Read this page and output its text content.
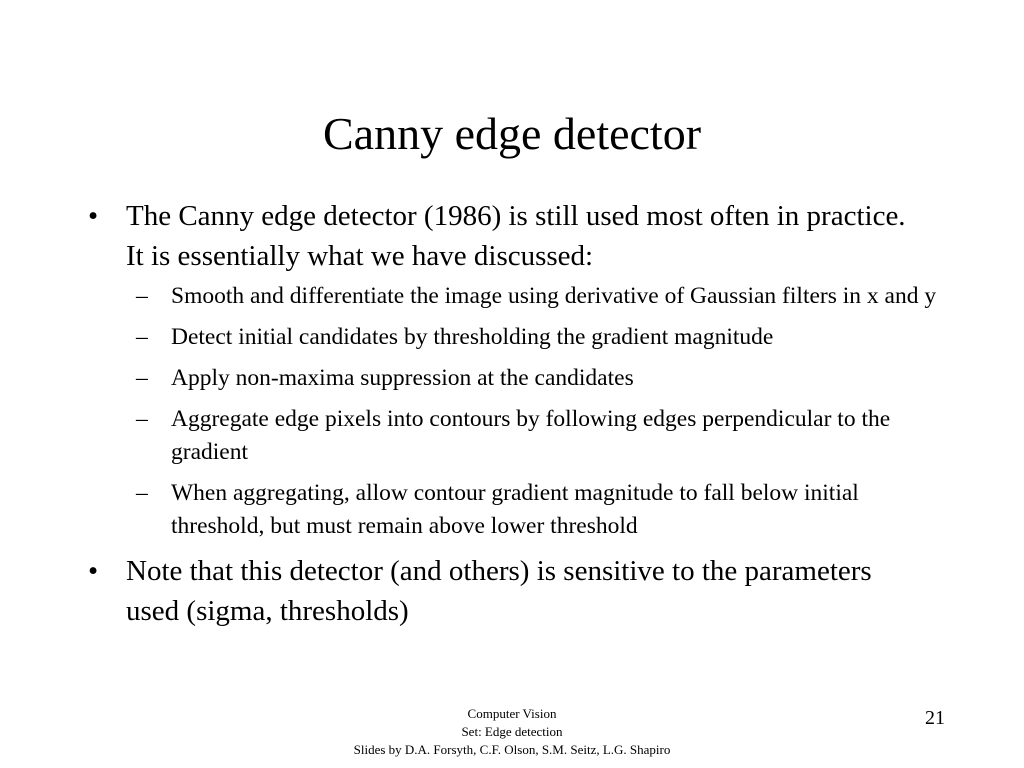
Canny edge detector
• The Canny edge detector (1986) is still used most often in practice. It is essentially what we have discussed:
– Smooth and differentiate the image using derivative of Gaussian filters in x and y
– Detect initial candidates by thresholding the gradient magnitude
– Apply non-maxima suppression at the candidates
– Aggregate edge pixels into contours by following edges perpendicular to the gradient
– When aggregating, allow contour gradient magnitude to fall below initial threshold, but must remain above lower threshold
• Note that this detector (and others) is sensitive to the parameters used (sigma, thresholds)
Computer Vision
Set: Edge detection
Slides by D.A. Forsyth, C.F. Olson, S.M. Seitz, L.G. Shapiro
21
